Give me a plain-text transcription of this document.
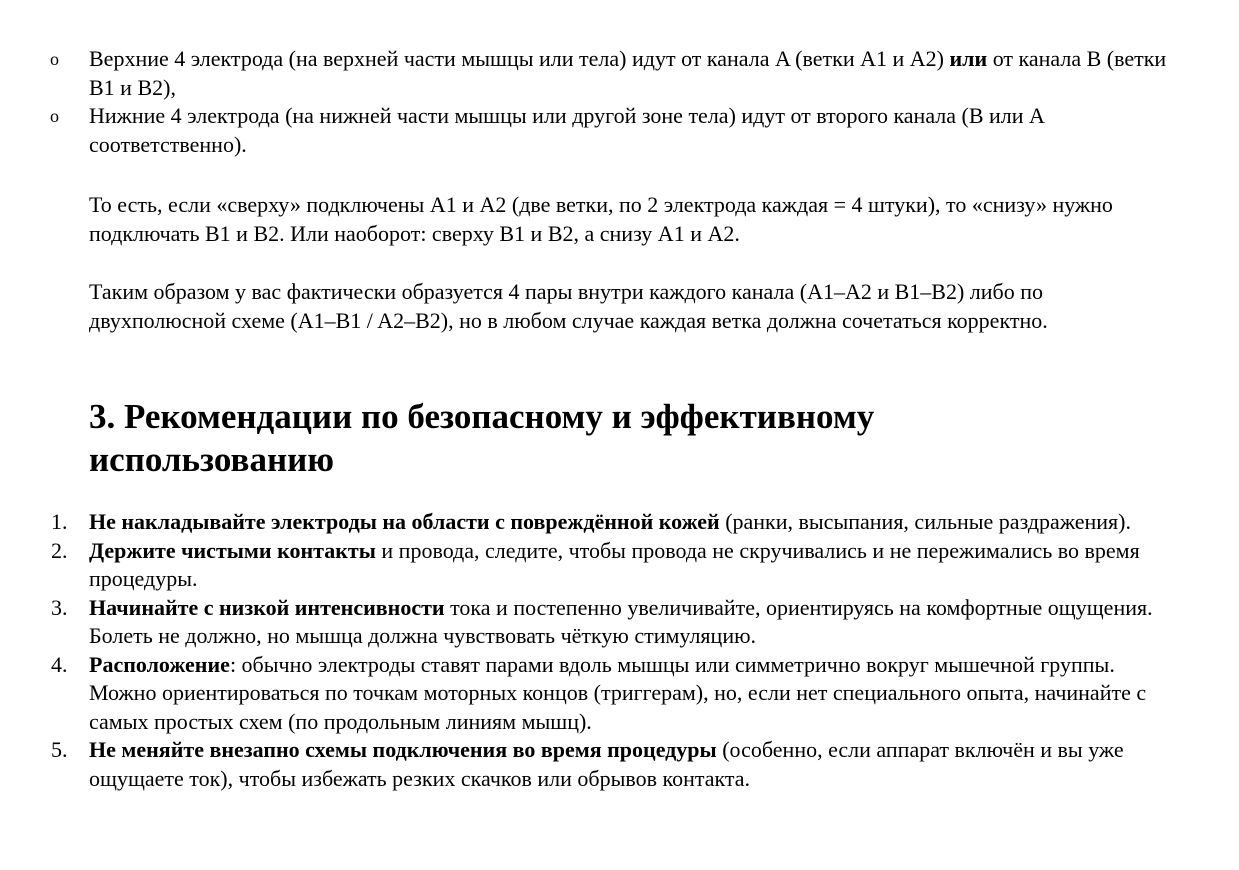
o Верхние 4 электрода (на верхней части мышцы или тела) идут от канала A (ветки A1 и A2) или от канала B (ветки B1 и B2),
o Нижние 4 электрода (на нижней части мышцы или другой зоне тела) идут от второго канала (B или A соответственно).

То есть, если «сверху» подключены A1 и A2 (две ветки, по 2 электрода каждая = 4 штуки), то «снизу» нужно подключать B1 и B2. Или наоборот: сверху B1 и B2, а снизу A1 и A2.

Таким образом у вас фактически образуется 4 пары внутри каждого канала (A1–A2 и B1–B2) либо по двухполюсной схеме (A1–B1 / A2–B2), но в любом случае каждая ветка должна сочетаться корректно.

3. Рекомендации по безопасному и эффективному использованию
1. Не накладывайте электроды на области с повреждённой кожей (ранки, высыпания, сильные раздражения).
2. Держите чистыми контакты и провода, следите, чтобы провода не скручивались и не пережимались во время процедуры.
3. Начинайте с низкой интенсивности тока и постепенно увеличивайте, ориентируясь на комфортные ощущения. Болеть не должно, но мышца должна чувствовать чёткую стимуляцию.
4. Расположение: обычно электроды ставят парами вдоль мышцы или симметрично вокруг мышечной группы. Можно ориентироваться по точкам моторных концов (триггерам), но, если нет специального опыта, начинайте с самых простых схем (по продольным линиям мышц).
5. Не меняйте внезапно схемы подключения во время процедуры (особенно, если аппарат включён и вы уже ощущаете ток), чтобы избежать резких скачков или обрывов контакта.
